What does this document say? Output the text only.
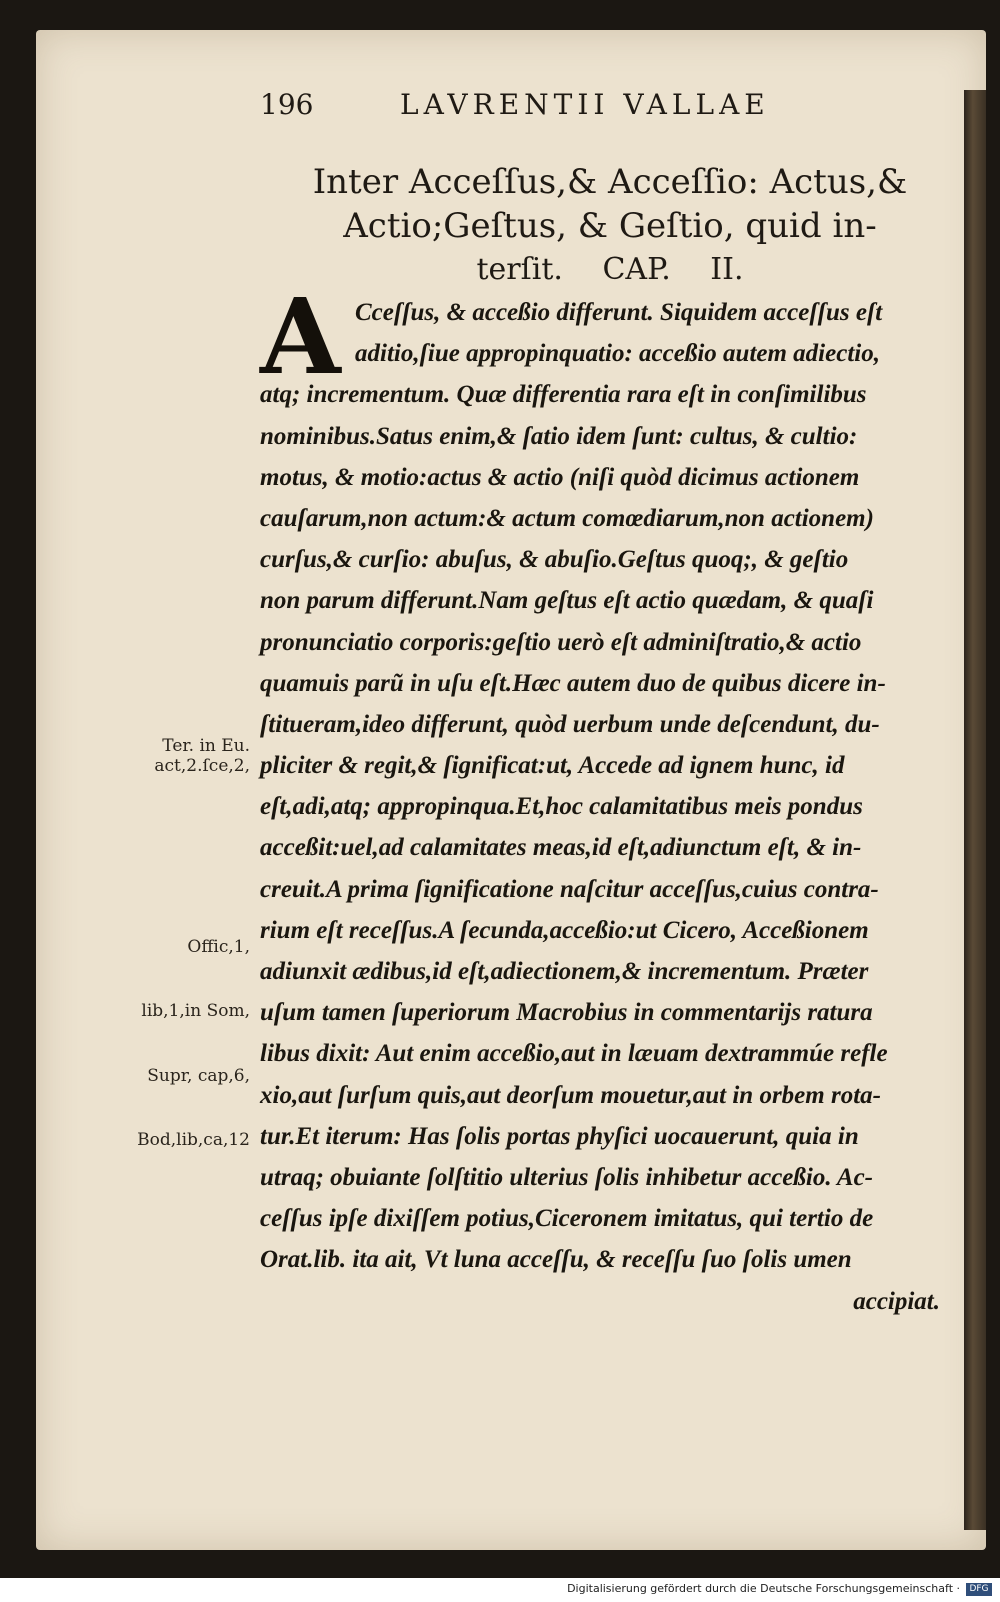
196	LAVRENTII VALLAE
Inter Acceſſus,& Acceſſio: Actus,&
Actio;Geſtus, & Geſtio, quid in-
terſit. CAP. II.
A Cceſſus, & acceßio differunt. Siquidem acceſſus eſt
aditio,ſiue appropinquatio: acceßio autem adiectio,
atq; incrementum. Quæ differentia rara eſt in conſimilibus
nominibus.Satus enim,& ſatio idem ſunt: cultus, & cultio:
motus, & motio:actus & actio (niſi quòd dicimus actionem
cauſarum,non actum:& actum comœdiarum,non actionem)
curſus,& curſio: abuſus, & abuſio.Geſtus quoq;, & geſtio
non parum differunt.Nam geſtus eſt actio quædam, & quaſi
pronunciatio corporis:geſtio uerò eſt adminiſtratio,& actio
quamuis parũ in uſu eſt.Hæc autem duo de quibus dicere in-
ſtitueram,ideo differunt, quòd uerbum unde deſcendunt, du-
pliciter & regit,& ſignificat:ut, Accede ad ignem hunc, id
eſt,adi,atq; appropinqua.Et,hoc calamitatibus meis pondus
acceßit:uel,ad calamitates meas,id eſt,adiunctum eſt, & in-
creuit.A prima ſignificatione naſcitur acceſſus,cuius contra-
rium eſt receſſus.A ſecunda,acceßio:ut Cicero, Acceßionem
adiunxit ædibus,id eſt,adiectionem,& incrementum. Præter
uſum tamen ſuperiorum Macrobius in commentarijs ratura
libus dixit: Aut enim acceßio,aut in læuam dextrammúe refle
xio,aut ſurſum quis,aut deorſum mouetur,aut in orbem rota-
tur.Et iterum: Has ſolis portas phyſici uocauerunt, quia in
utraq; obuiante ſolſtitio ulterius ſolis inhibetur acceßio. Ac-
ceſſus ipſe dixiſſem potius,Ciceronem imitatus, qui tertio de
Orat.lib. ita ait, Vt luna acceſſu, & receſſu ſuo ſolis umen
accipiat.
Ter. in Eu.
act,2.ſce,2,
Offic,1,
lib,1,in Som,
Supr, cap,6,
Bod,lib,ca,12
Digitalisierung gefördert durch die Deutsche Forschungsgemeinschaft ·	DFG
